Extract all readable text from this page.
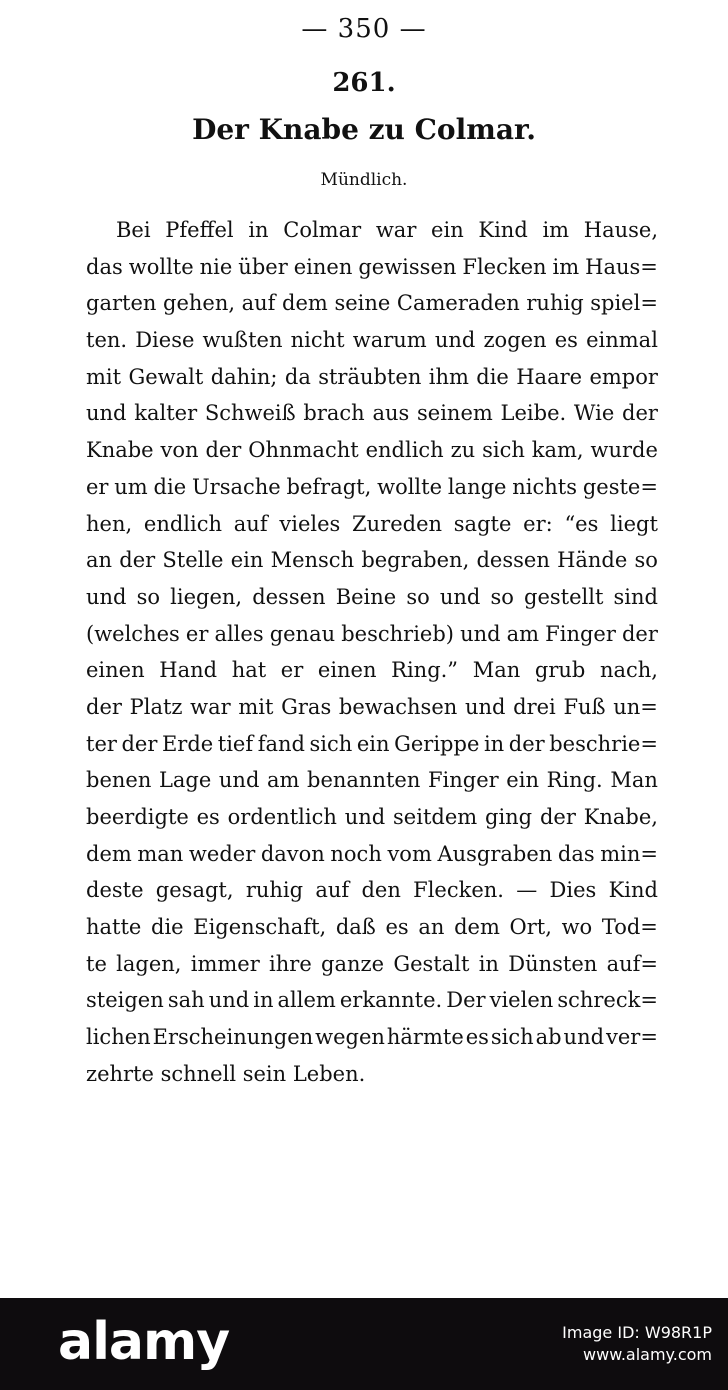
— 350 —
261.
Der Knabe zu Colmar.
Mündlich.
Bei Pfeffel in Colmar war ein Kind im Hause,
das wollte nie über einen gewissen Flecken im Haus=
garten gehen, auf dem seine Cameraden ruhig spiel=
ten. Diese wußten nicht warum und zogen es einmal
mit Gewalt dahin; da sträubten ihm die Haare empor
und kalter Schweiß brach aus seinem Leibe. Wie der
Knabe von der Ohnmacht endlich zu sich kam, wurde
er um die Ursache befragt, wollte lange nichts geste=
hen, endlich auf vieles Zureden sagte er: “es liegt
an der Stelle ein Mensch begraben, dessen Hände so
und so liegen, dessen Beine so und so gestellt sind
(welches er alles genau beschrieb) und am Finger der
einen Hand hat er einen Ring.” Man grub nach,
der Platz war mit Gras bewachsen und drei Fuß un=
ter der Erde tief fand sich ein Gerippe in der beschrie=
benen Lage und am benannten Finger ein Ring. Man
beerdigte es ordentlich und seitdem ging der Knabe,
dem man weder davon noch vom Ausgraben das min=
deste gesagt, ruhig auf den Flecken. — Dies Kind
hatte die Eigenschaft, daß es an dem Ort, wo Tod=
te lagen, immer ihre ganze Gestalt in Dünsten auf=
steigen sah und in allem erkannte. Der vielen schreck=
lichen Erscheinungen wegen härmte es sich ab und ver=
zehrte schnell sein Leben.
alamy	Image ID: W98R1P
www.alamy.com
